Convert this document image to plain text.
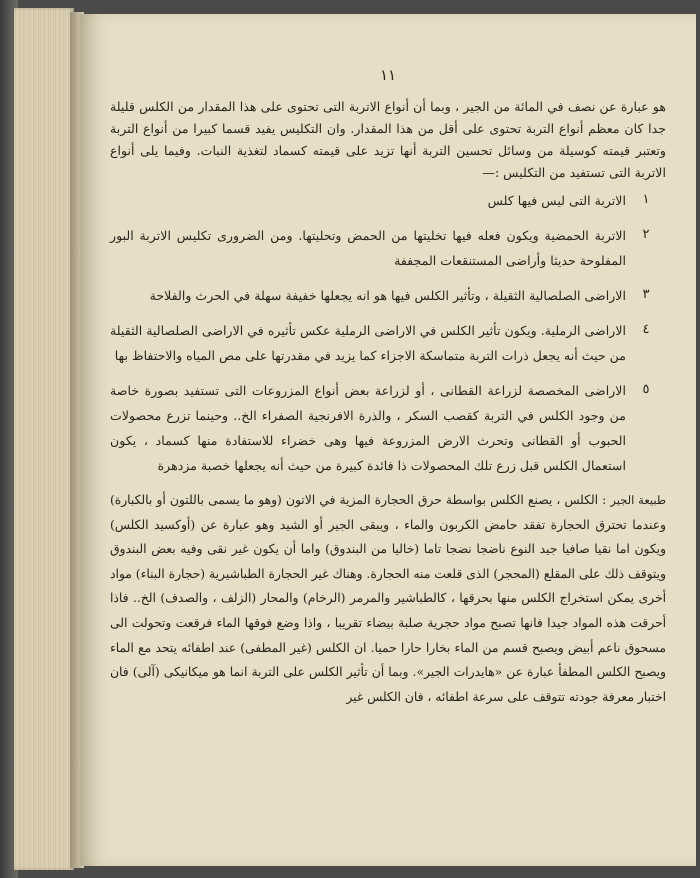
١١

هو عبارة عن نصف في المائة من الجير ، وبما أن أنواع الاتربة التى تحتوى على هذا المقدار من الكلس قليلة جدا كان معظم أنواع التربة تحتوى على أقل من هذا المقدار. وان التكليس يفيد قسما كبيرا من أنواع التربة وتعتبر قيمته كوسيلة من وسائل تحسين التربة أنها تزيد على قيمته كسماد لتغذية النبات. وفيما يلى أنواع الاتربة التى تستفيد من التكليس :—

١
الاتربة التى ليس فيها كلس
٢
الاتربة الحمضية ويكون فعله فيها تخليتها من الحمض وتحليتها. ومن الضرورى تكليس الاتربة البور المفلوحة حديثا وأراضى المستنقعات المجففة
٣
الاراضى الصلصالية الثقيلة ، وتأثير الكلس فيها هو انه يجعلها خفيفة سهلة في الحرث والفلاحة
٤
الاراضى الرملية. ويكون تأثير الكلس في الاراضى الرملية عكس تأثيره في الاراضى الصلصالية الثقيلة من حيث أنه يجعل ذرات التربة متماسكة الاجزاء كما يزيد في مقدرتها على مص المياه والاحتفاظ بها
٥
الاراضى المخصصة لزراعة القطانى ، أو لزراعة بعض أنواع المزروعات التى تستفيد بصورة خاصة من وجود الكلس في التربة كقصب السكر ، والذرة الافرنجية الصفراء الخ.. وحينما تزرع محصولات الحبوب أو القطانى وتحرث الارض المزروعة فيها وهى خضراء للاستفادة منها كسماد ، يكون استعمال الكلس قبل زرع تلك المحصولات ذا فائدة كبيرة من حيث أنه يجعلها خصبة مزدهرة

طبيعة الجير : الكلس ، يصنع الكلس بواسطة حرق الحجارة المزية في الاتون (وهو ما يسمى باللتون أو بالكبارة) وعندما تحترق الحجارة تفقد حامض الكربون والماء ، ويبقى الجير أو الشيد وهو عبارة عن (أوكسيد الكلس) ويكون اما نقيا صافيا جيد النوع ناضجا نضجا تاما (خاليا من البندوق) واما أن يكون غير نقى وفيه بعض البندوق ويتوقف ذلك على المقلع (المحجر) الذى قلعت منه الحجارة. وهناك غير الحجارة الطباشيرية (حجارة البناء) مواد أخرى يمكن استخراج الكلس منها بحرقها ، كالطباشير والمرمر (الرخام) والمحار (الزلف ، والصدف) الخ.. فاذا أحرقت هذه المواد جيدا فانها تصبح مواد حجرية صلبة بيضاء تقريبا ، واذا وضع فوقها الماء فرقعت وتحولت الى مسحوق ناعم أبيض ويصبح قسم من الماء بخارا حارا حميا. ان الكلس (غير المطفى) عند اطفائه يتحد مع الماء ويصبح الكلس المطفأ عبارة عن «هايدرات الجير». وبما أن تأثير الكلس على التربة انما هو ميكانيكى (آلى) فان اختبار معرفة جودته تتوقف على سرعة اطفائه ، فان الكلس غير
